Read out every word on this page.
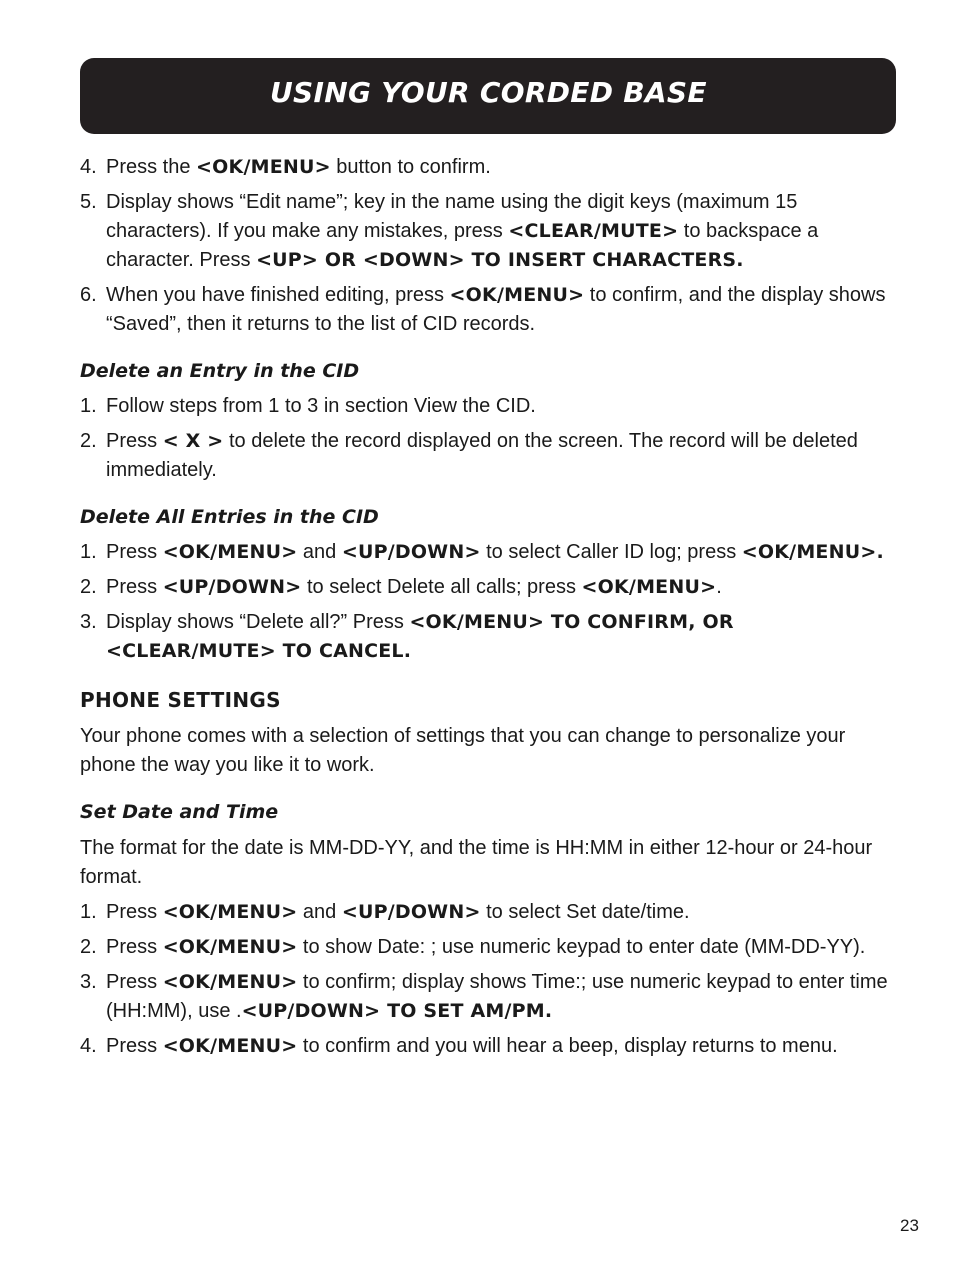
USING YOUR CORDED BASE

4. Press the <OK/MENU> button to confirm.

5. Display shows “Edit name”; key in the name using the digit keys (maximum 15 characters). If you make any mistakes, press <CLEAR/MUTE> to backspace a character. Press <UP> OR <DOWN> TO INSERT CHARACTERS.

6. When you have finished editing, press <OK/MENU> to confirm, and the display shows “Saved”, then it returns to the list of CID records.

Delete an Entry in the CID

1. Follow steps from 1 to 3 in section View the CID.

2. Press < X > to delete the record displayed on the screen. The record will be deleted immediately.

Delete All Entries in the CID

1. Press <OK/MENU> and <UP/DOWN> to select Caller ID log; press <OK/MENU>.

2. Press <UP/DOWN> to select Delete all calls; press <OK/MENU>.

3. Display shows “Delete all?” Press <OK/MENU> TO CONFIRM, OR <CLEAR/MUTE> TO CANCEL.

PHONE SETTINGS

Your phone comes with a selection of settings that you can change to personalize your phone the way you like it to work.

Set Date and Time

The format for the date is MM-DD-YY, and the time is HH:MM in either 12-hour or 24-hour format.

1. Press <OK/MENU> and <UP/DOWN> to select Set date/time.

2. Press <OK/MENU> to show Date: ; use numeric keypad to enter date (MM-DD-YY).

3. Press <OK/MENU> to confirm; display shows Time:; use numeric keypad to enter time (HH:MM), use .<UP/DOWN> TO SET AM/PM.

4. Press <OK/MENU> to confirm and you will hear a beep, display returns to menu.

23
